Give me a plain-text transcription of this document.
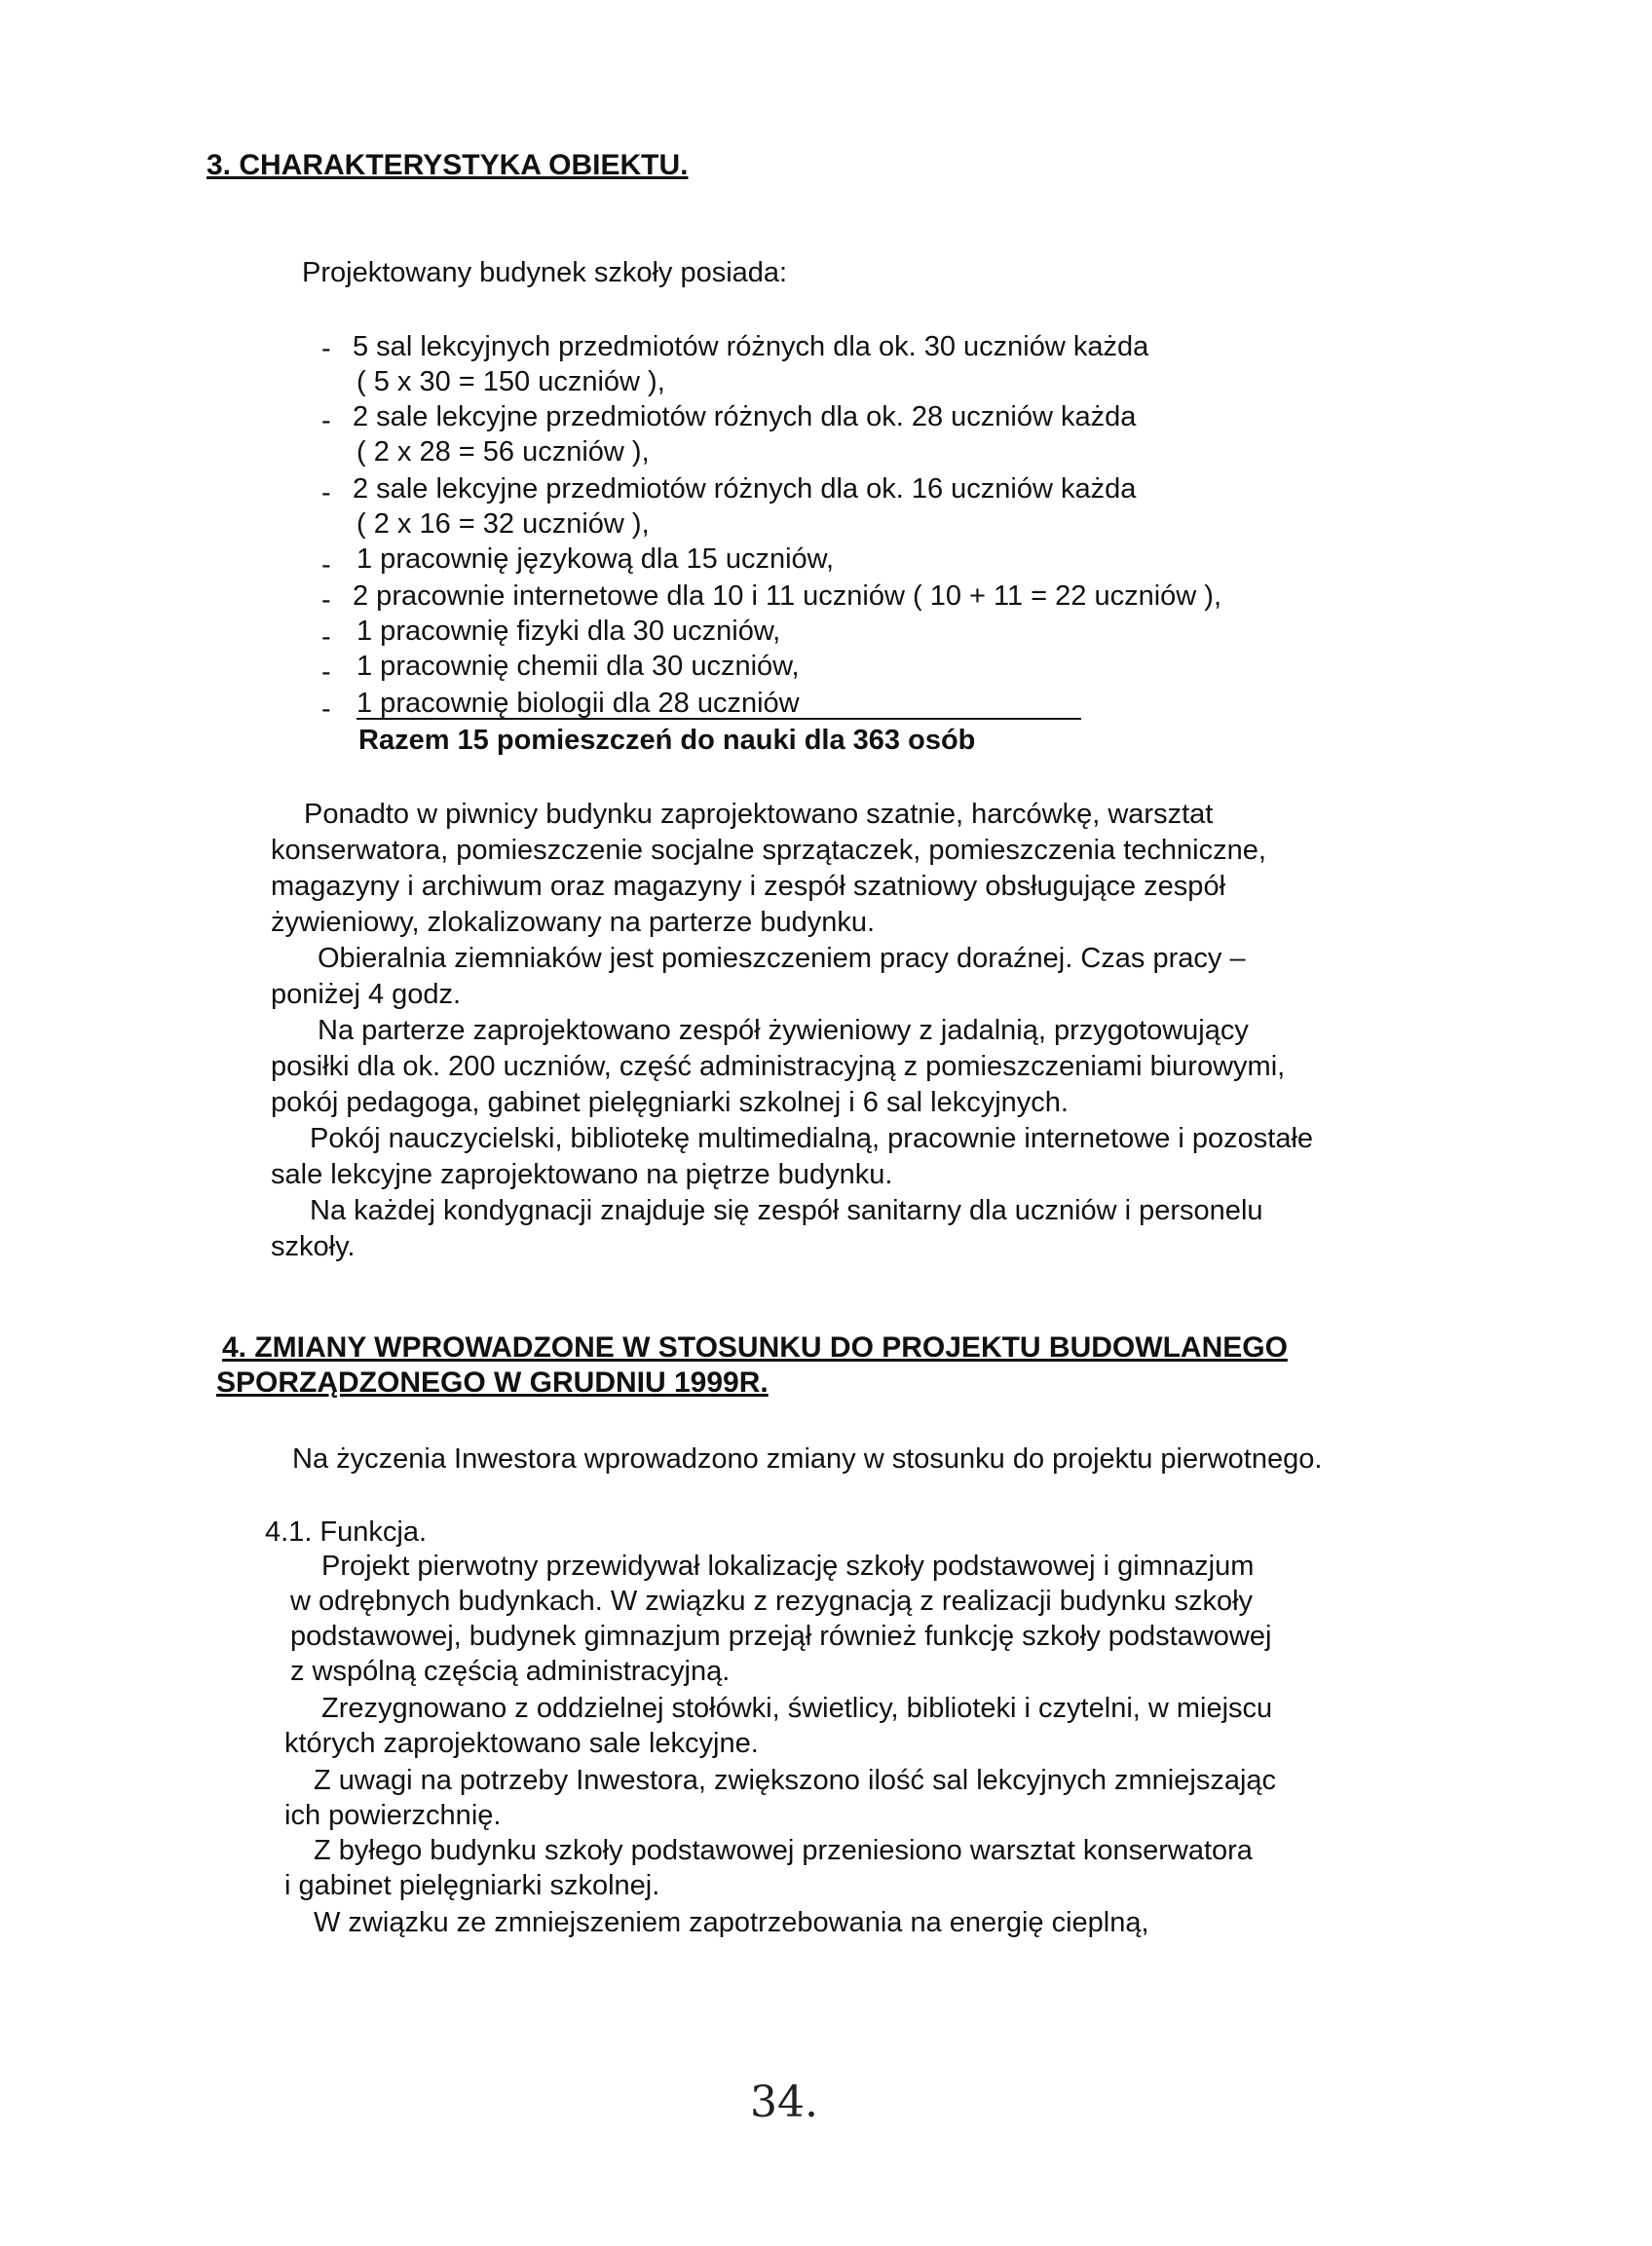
3. CHARAKTERYSTYKA OBIEKTU.
Projektowany budynek szkoły posiada:
- 5 sal lekcyjnych przedmiotów różnych dla ok. 30 uczniów każda
( 5 x 30 = 150 uczniów ),
- 2 sale lekcyjne przedmiotów różnych dla ok. 28 uczniów każda
( 2 x 28 = 56 uczniów ),
- 2 sale lekcyjne przedmiotów różnych dla ok. 16 uczniów każda
( 2 x 16 = 32 uczniów ),
- 1 pracownię językową dla 15 uczniów,
- 2 pracownie internetowe dla 10 i 11 uczniów ( 10 + 11 = 22 uczniów ),
- 1 pracownię fizyki dla 30 uczniów,
- 1 pracownię chemii dla 30 uczniów,
- 1 pracownię biologii dla 28 uczniów
Razem 15 pomieszczeń do nauki dla 363 osób
Ponadto w piwnicy budynku zaprojektowano szatnie, harcówkę, warsztat
konserwatora, pomieszczenie socjalne sprzątaczek, pomieszczenia techniczne,
magazyny i archiwum oraz magazyny i zespół szatniowy obsługujące zespół
żywieniowy, zlokalizowany na parterze budynku.
Obieralnia ziemniaków jest pomieszczeniem pracy doraźnej. Czas pracy –
poniżej 4 godz.
Na parterze zaprojektowano zespół żywieniowy z jadalnią, przygotowujący
posiłki dla ok. 200 uczniów, część administracyjną z pomieszczeniami biurowymi,
pokój pedagoga, gabinet pielęgniarki szkolnej i 6 sal lekcyjnych.
Pokój nauczycielski, bibliotekę multimedialną, pracownie internetowe i pozostałe
sale lekcyjne zaprojektowano na piętrze budynku.
Na każdej kondygnacji znajduje się zespół sanitarny dla uczniów i personelu
szkoły.
4. ZMIANY WPROWADZONE W STOSUNKU DO PROJEKTU BUDOWLANEGO
SPORZĄDZONEGO W GRUDNIU 1999R.
Na życzenia Inwestora wprowadzono zmiany w stosunku do projektu pierwotnego.
4.1. Funkcja.
Projekt pierwotny przewidywał lokalizację szkoły podstawowej i gimnazjum
w odrębnych budynkach. W związku z rezygnacją z realizacji budynku szkoły
podstawowej, budynek gimnazjum przejął również funkcję szkoły podstawowej
z wspólną częścią administracyjną.
Zrezygnowano z oddzielnej stołówki, świetlicy, biblioteki i czytelni, w miejscu
których zaprojektowano sale lekcyjne.
Z uwagi na potrzeby Inwestora, zwiększono ilość sal lekcyjnych zmniejszając
ich powierzchnię.
Z byłego budynku szkoły podstawowej przeniesiono warsztat konserwatora
i gabinet pielęgniarki szkolnej.
W związku ze zmniejszeniem zapotrzebowania na energię cieplną,
34.
